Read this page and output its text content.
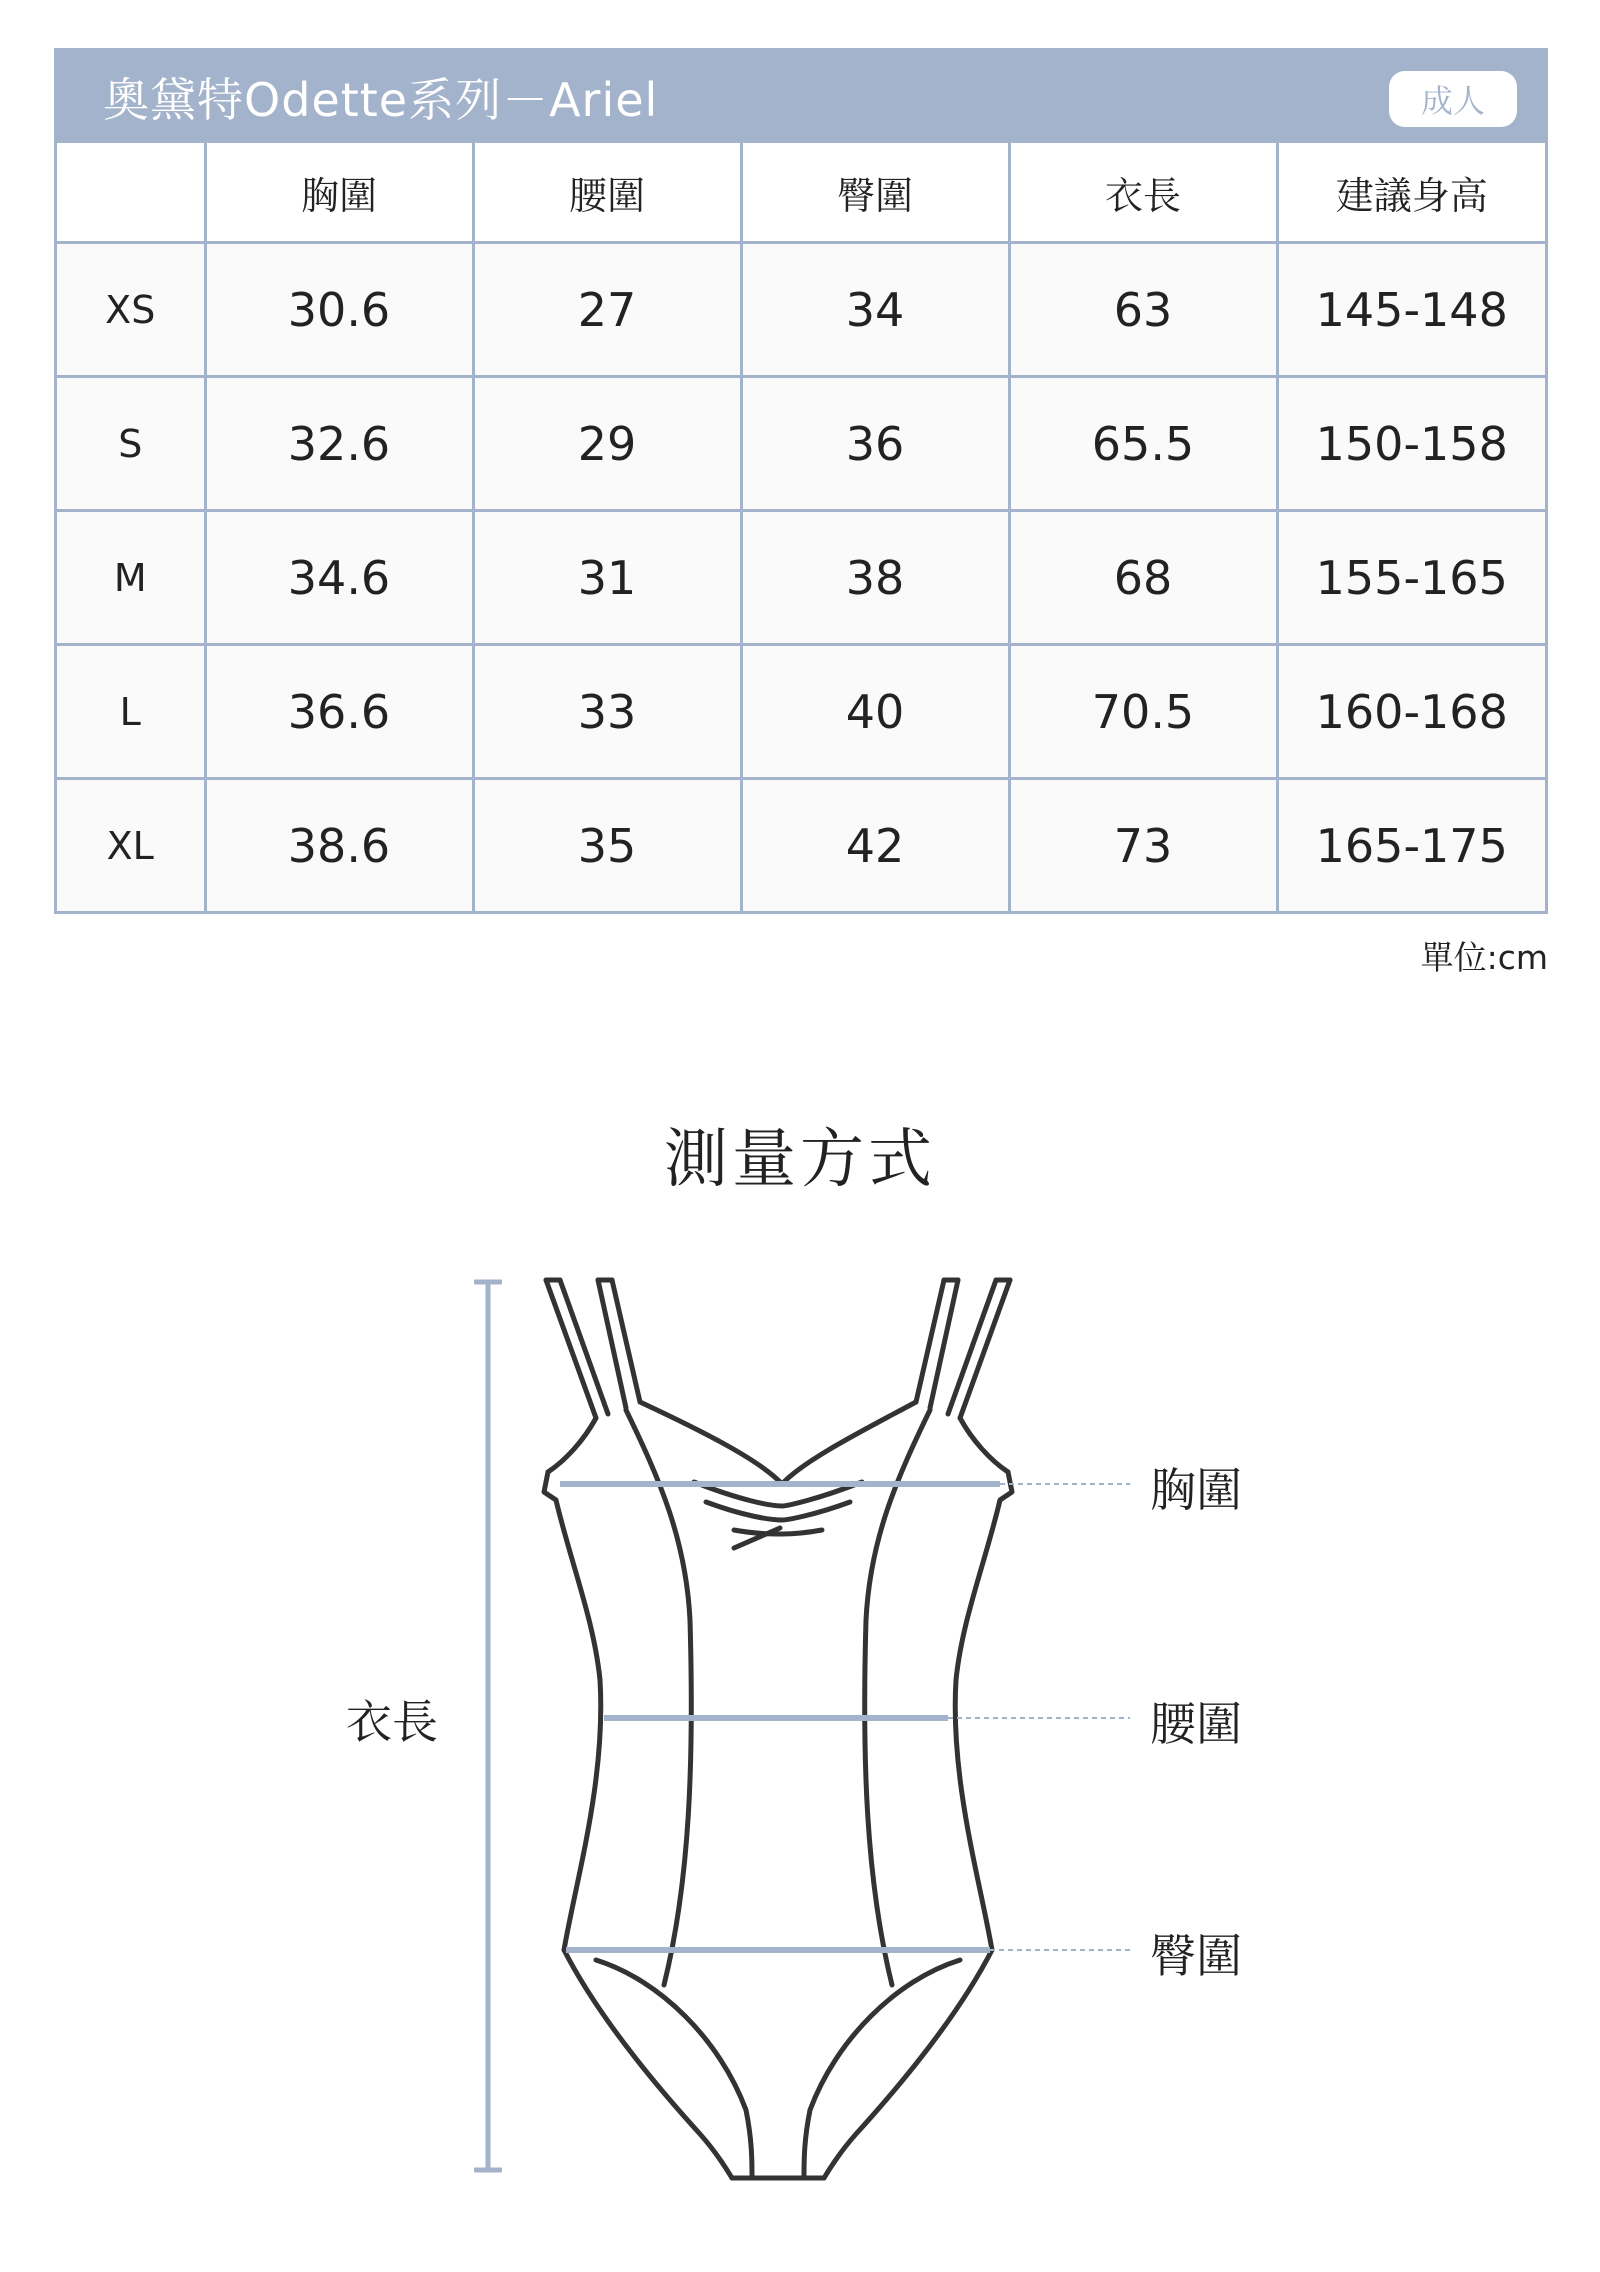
奧黛特Odette系列－Ariel	成人
	胸圍	腰圍	臀圍	衣長	建議身高
XS	30.6	27	34	63	145-148
S	32.6	29	36	65.5	150-158
M	34.6	31	38	68	155-165
L	36.6	33	40	70.5	160-168
XL	38.6	35	42	73	165-175
單位:cm
測量方式
衣長
胸圍
腰圍
臀圍
